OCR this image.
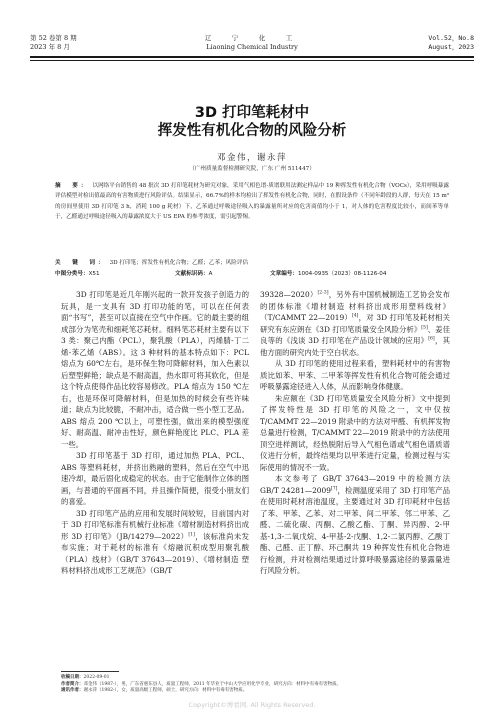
第 52 卷第 8 期
2023 年 8 月
辽　宁　化　工
Liaoning Chemical Industry
Vol.52，No.8
August，2023
3D 打印笔耗材中
挥发性有机化合物的风险分析
邓金伟，谢永萍
（广州质量监督检测研究院，广东 广州 511447）
摘　要： 以网络平台销售的 48 批次 3D 打印笔耗材为研究对象，采用气相色谱-质谱联用法测定样品中 19 种挥发性有机化合物（VOCs），采用呼吸暴露评估模型对检出值最高的有害物质进行风险评估。结果显示，66.7%的样本均检出了挥发性有机化合物，同时，在假设条件（不同年龄段的人群，每天在 15 m³的房间里使用 3D 打印笔 3 h，消耗 100 g 耗材）下，乙苯通过呼吸途径吸入的暴露量所对应的危害商值均小于 1，对人体的危害程度比较小，而间苯等单于，乙醛通过呼吸途径吸入的暴露浓度大于 US EPA 的参考浓度，需引起警惕。
关　键　词： 3D 打印笔；挥发性有机化合物；乙醛；乙苯；风险评估
中图分类号：X51	文献标识码：A	文章编号：1004-0935（2023）08-1126-04

3D 打印笔是近几年刚兴起的一款开发孩子创造力的玩具，是一支具有 3D 打印功能的笔，可以在任何表面“书写”，甚至可以直接在空气中作画。它的最主要的组成部分为笔壳和细耗笔芯耗材。细料笔芯耗材主要有以下 3 类：聚己内酯（PCL），聚乳酸（PLA），丙烯腈-丁二烯-苯乙烯（ABS）。这 3 种材料的基本特点如下：PCL 熔点为 60℃左右，是环保生物可降解材料，加入色素以后塑型鲜艳；缺点是不耐高温，热水即可将其软化，但是这个特点使得作品比较容易修改。PLA 熔点为 150 ℃左右，也是环保可降解材料，但是加热的时候会有些许味道；缺点为比较脆，不耐冲击，适合做一些小型工艺品。ABS 熔点 200 ℃以上，可塑性强，做出来的模型强度好、耐高温、耐冲击性好，颜色鲜艳度比 PLC、PLA 差一些。

3D 打印笔基于 3D 打印，通过加热 PLA、PCL、ABS 等塑料耗材，并挤出熟融的塑料，然后在空气中迅速冷却，最后固化成稳定的状态。由于它能制作立体的图画，与普通的平面画不同，并且操作简便，很受小朋友们的喜爱。

3D 打印笔产品的应用和发展时间较短，目前国内对于 3D 打印笔标准有机械行业标准《增材制造材料挤出成形 3D 打印笔》（JB/14279—2022）[1]，该标准尚未发布实施；对于耗材的标准有《熔融沉积成型用聚乳酸（PLA）线材》（GB/T 37643—2019）、《增材制造 塑料材料挤出成形工艺规范》（GB/T

39328—2020）[2-3]，另外有中国机械制造工艺协会发布的团体标准《增材制造 材料挤出成形用塑料线材》（T/CAMMT 22—2019）[4]，对 3D 打印笔及耗材相关研究有东应朗在《3D 打印笔质量安全风险分析》[5]、姜佳良等的《浅谈 3D 打印笔在产品设计领域的应用》[6]，其他方面的研究内处于空白状态。

从 3D 打印笔的使用过程来看，塑料耗材中的有害物质比如苯、甲苯、二甲苯等挥发性有机化合物可能会通过呼吸暴露途径进入人体，从而影响身体健康。

朱应额在《3D 打印笔质量安全风险分析》文中提到了挥发特性是 3D 打印笔的风险之一，文中仅按 T/CAMMT 22—2019 附录中的方法对甲醛、有机挥发物总量进行检测，T/CAMMT 22—2019 附录中的方法使用顶空进样测试，经热脱附后导入气相色谱或气相色谱质谱仪进行分析，最终结果均以甲苯进行定量，检测过程与实际使用的情况不一致。

本文参考了 GB/T 37643—2019 中的检测方法 GB/T 24281—2009[7]，检测温度采用了 3D 打印笔产品在使用时耗材溶池温度，主要通过对 3D 打印耗材中包括了苯、甲苯、乙苯、对二甲苯、间二甲苯、邻二甲苯、乙醛、二硫化碳、丙酮、乙酸乙酯、丁酮、异丙醇、2-甲基-1,3-二氧戊烷、4-甲基-2-戊酮、1,2-二氯丙醇、乙酸丁酯、己醛、正丁醇、环己酮共 19 种挥发性有机化合物进行检测，并对检测结果通过计算呼吸暴露途径的暴露量进行风险分析。

收稿日期：2022-09-01
作者简介：邓金伟（1987-），男，广东省惠东县人，质量工程师，2011 年毕业于中山大学应用化学专业，研究方向：材料中有毒有害物质。
通讯作者：谢永萍（1982-），女，质量高级工程师，硕士，研究方向：材料中有毒有害物质。
Copyright©博看网. All Rights Reserved.
